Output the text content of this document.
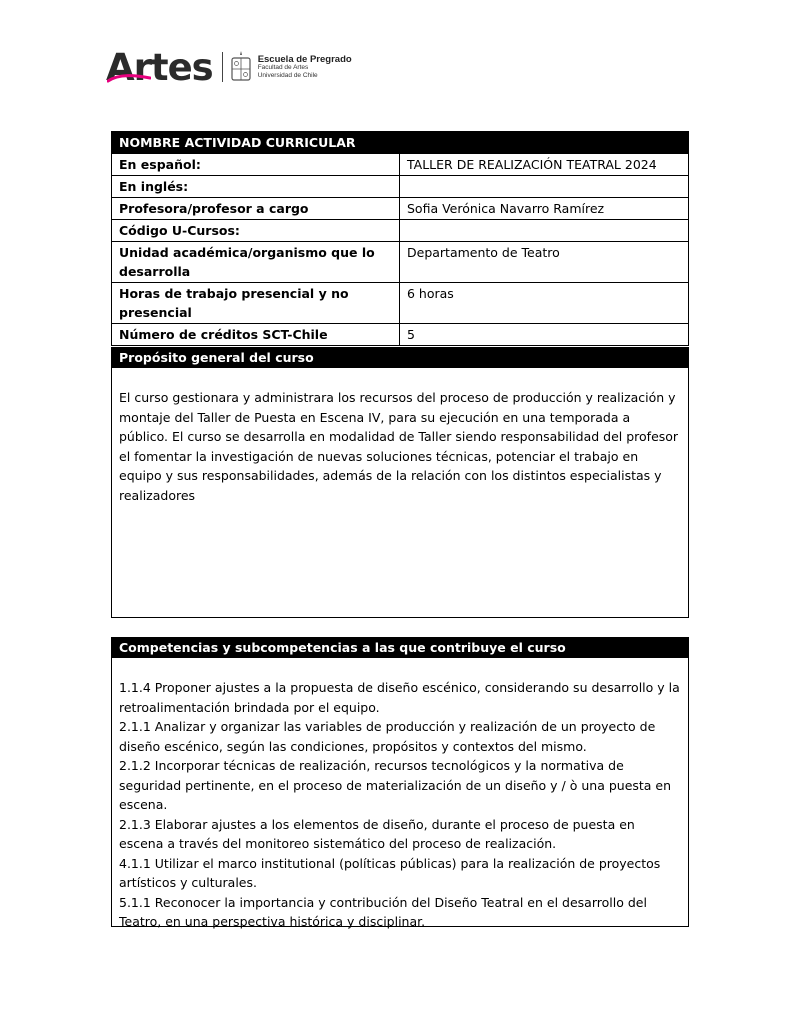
Artes	Escuela de Pregrado
Facultad de Artes
Universidad de Chile
NOMBRE ACTIVIDAD CURRICULAR	
En español:	TALLER DE REALIZACIÓN TEATRAL 2024
En inglés:	
Profesora/profesor a cargo	Sofia Verónica Navarro Ramírez
Código U-Cursos:	
Unidad académica/organismo que lo desarrolla	Departamento de Teatro
Horas de trabajo presencial y no presencial	6 horas
Número de créditos SCT-Chile	5
Propósito general del curso
El curso gestionara y administrara los recursos del proceso de producción y realización y montaje del Taller de Puesta en Escena IV, para su ejecución en una temporada a público. El curso se desarrolla en modalidad de Taller siendo responsabilidad del profesor el fomentar la investigación de nuevas soluciones técnicas, potenciar el trabajo en equipo y sus responsabilidades, además de la relación con los distintos especialistas y realizadores
Competencias y subcompetencias a las que contribuye el curso
1.1.4 Proponer ajustes a la propuesta de diseño escénico, considerando su desarrollo y la retroalimentación brindada por el equipo.
2.1.1 Analizar y organizar las variables de producción y realización de un proyecto de diseño escénico, según las condiciones, propósitos y contextos del mismo.
2.1.2 Incorporar técnicas de realización, recursos tecnológicos y la normativa de seguridad pertinente, en el proceso de materialización de un diseño y / ò una puesta en escena.
2.1.3 Elaborar ajustes a los elementos de diseño, durante el proceso de puesta en escena a través del monitoreo sistemático del proceso de realización.
4.1.1 Utilizar el marco institutional (políticas públicas) para la realización de proyectos artísticos y culturales.
5.1.1 Reconocer la importancia y contribución del Diseño Teatral en el desarrollo del Teatro, en una perspectiva histórica y disciplinar.
